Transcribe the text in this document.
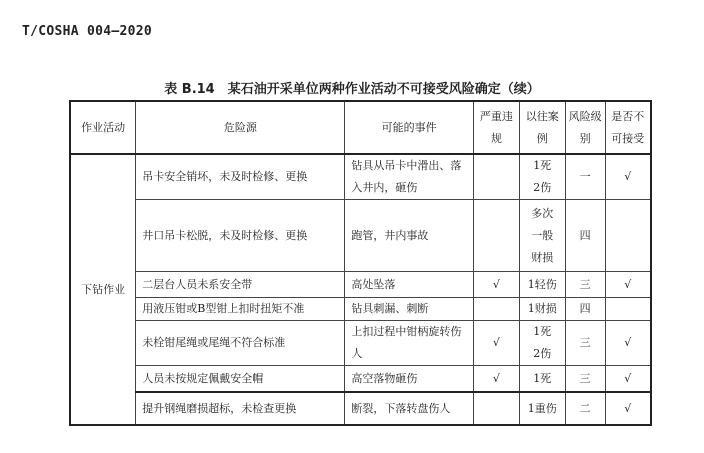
T/COSHA 004—2020
表 B.14　某石油开采单位两种作业活动不可接受风险确定（续）
作业活动	危险源	可能的事件	严重违规	以往案例	风险级别	是否不可接受
下钻作业	吊卡安全销坏，未及时检修、更换	钻具从吊卡中滑出、落入井内，砸伤		1死2伤	一	√
	井口吊卡松脱，未及时检修、更换	跑管，井内事故		多次一般财损	四	
	二层台人员未系安全带	高处坠落	√	1轻伤	三	√
	用液压钳或B型钳上扣时扭矩不准	钻具刺漏、刺断		1财损	四	
	未栓钳尾绳或尾绳不符合标准	上扣过程中钳柄旋转伤人	√	1死2伤	三	√
	人员未按规定佩戴安全帽	高空落物砸伤	√	1死	三	√
	提升钢绳磨损超标，未检查更换	断裂，下落转盘伤人		1重伤	二	√
